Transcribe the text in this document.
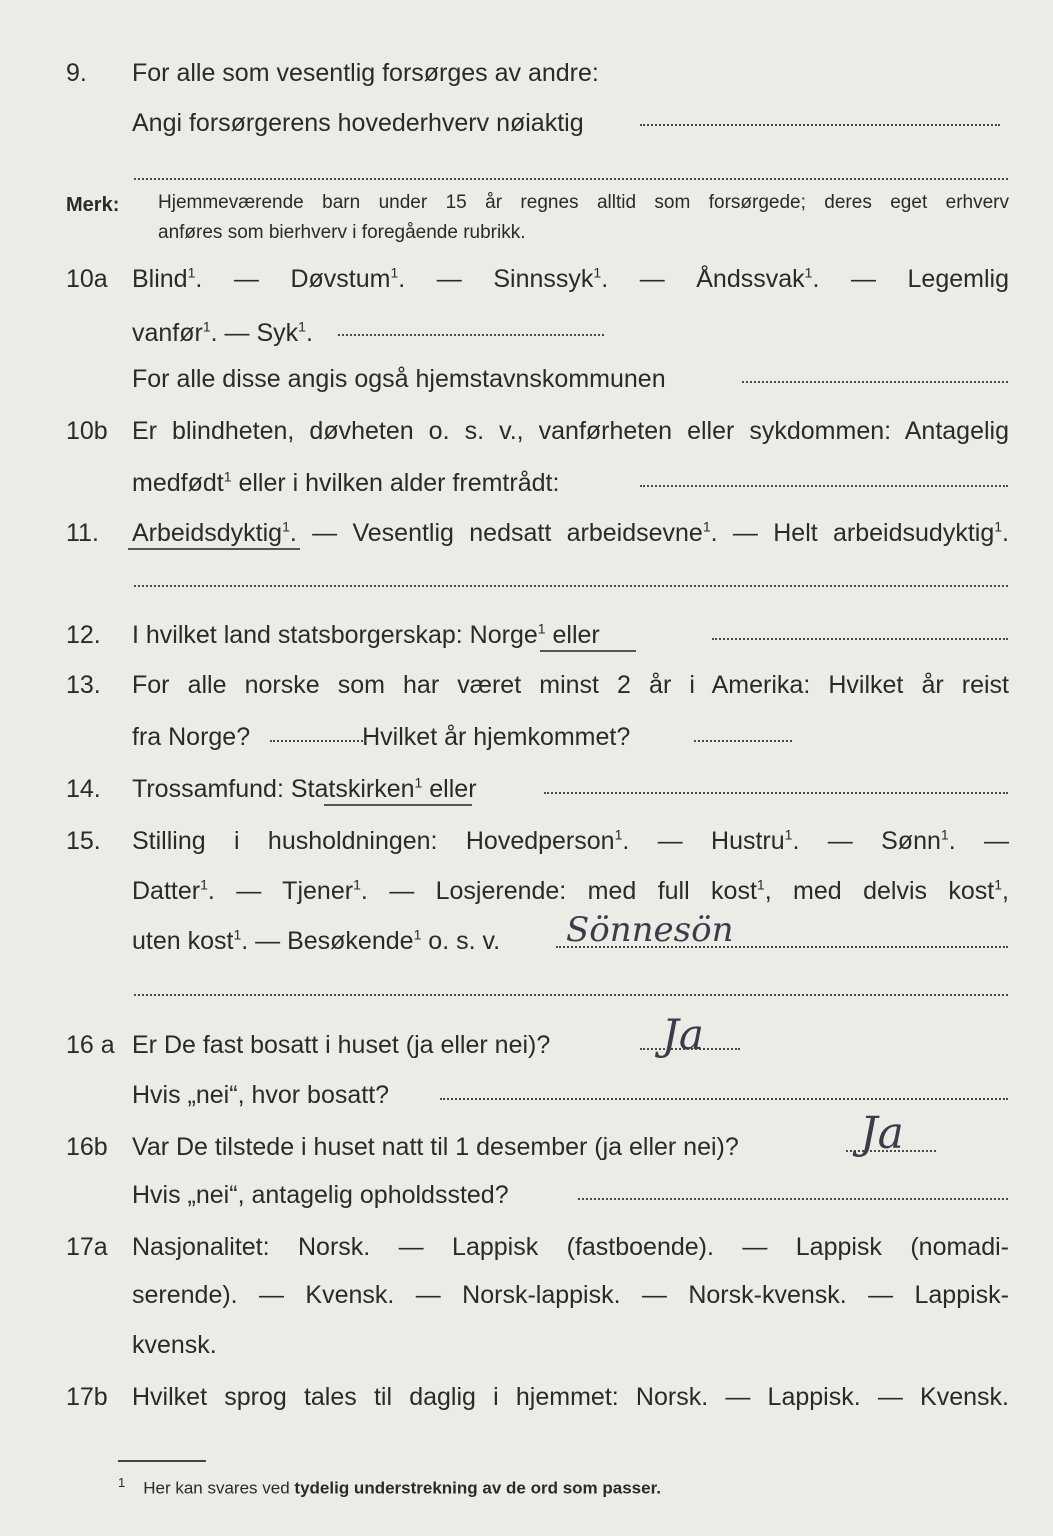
9.	For alle som vesentlig forsørges av andre:
Angi forsørgerens hovederhverv nøiaktig
Merk: Hjemmeværende barn under 15 år regnes alltid som forsørgede; deres eget erhverv
anføres som bierhverv i foregående rubrikk.
10a Blind$^1$. — Døvstum$^1$. — Sinnssyk$^1$. — Åndssvak$^1$. — Legemlig
vanfør$^1$. — Syk$^1$.
For alle disse angis også hjemstavnskommunen
10b Er blindheten, døvheten o. s. v., vanførheten eller sykdommen: Antagelig
medfødt$^1$ eller i hvilken alder fremtrådt:
11.	Arbeidsdyktig$^1$. — Vesentlig nedsatt arbeidsevne$^1$. — Helt arbeidsudyktig$^1$.
12.	I hvilket land statsborgerskap: Norge$^1$ eller
13.	For alle norske som har været minst 2 år i Amerika: Hvilket år reist
fra Norge?	Hvilket år hjemkommet?
14.	Trossamfund: Statskirken$^1$ eller
15.	Stilling i husholdningen: Hovedperson$^1$. — Hustru$^1$. — Sønn$^1$. —
Datter$^1$. — Tjener$^1$. — Losjerende: med full kost$^1$, med delvis kost$^1$,
uten kost$^1$. — Besøkende$^1$ o. s. v.	Sönnesön
16 a Er De fast bosatt i huset (ja eller nei)?	Ja
Hvis „nei“, hvor bosatt?
16b Var De tilstede i huset natt til 1 desember (ja eller nei)?	Ja
Hvis „nei“, antagelig opholdssted?
17a Nasjonalitet: Norsk. — Lappisk (fastboende). — Lappisk (nomadi-
serende). — Kvensk. — Norsk-lappisk. — Norsk-kvensk. — Lappisk-
kvensk.
17b Hvilket sprog tales til daglig i hjemmet: Norsk. — Lappisk. — Kvensk.
$^1$ Her kan svares ved tydelig understrekning av de ord som passer.
